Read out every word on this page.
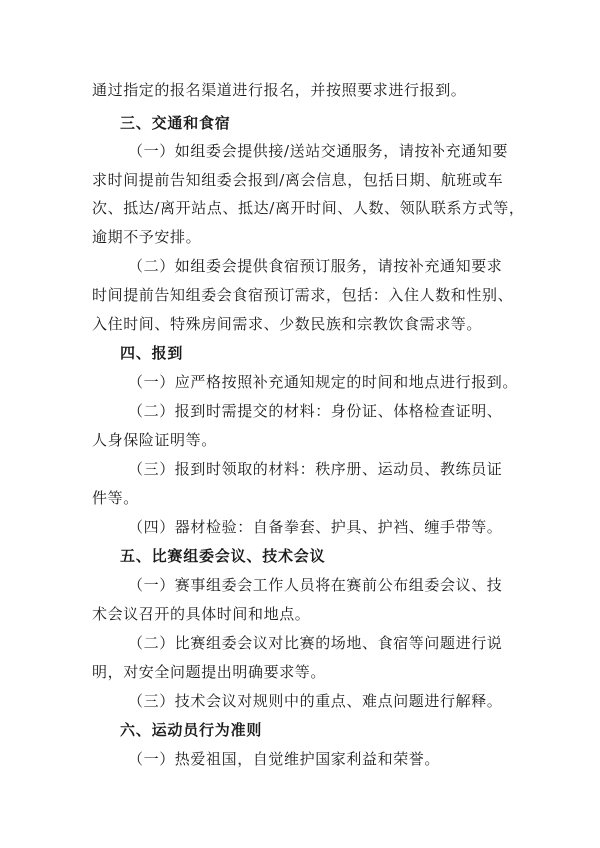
通过指定的报名渠道进行报名，并按照要求进行报到。
三、交通和食宿
（一）如组委会提供接/送站交通服务，请按补充通知要
求时间提前告知组委会报到/离会信息，包括日期、航班或车
次、抵达/离开站点、抵达/离开时间、人数、领队联系方式等，
逾期不予安排。
（二）如组委会提供食宿预订服务，请按补充通知要求
时间提前告知组委会食宿预订需求，包括：入住人数和性别、
入住时间、特殊房间需求、少数民族和宗教饮食需求等。
四、报到
（一）应严格按照补充通知规定的时间和地点进行报到。
（二）报到时需提交的材料：身份证、体格检查证明、
人身保险证明等。
（三）报到时领取的材料：秩序册、运动员、教练员证
件等。
（四）器材检验：自备拳套、护具、护裆、缠手带等。
五、比赛组委会议、技术会议
（一）赛事组委会工作人员将在赛前公布组委会议、技
术会议召开的具体时间和地点。
（二）比赛组委会议对比赛的场地、食宿等问题进行说
明，对安全问题提出明确要求等。
（三）技术会议对规则中的重点、难点问题进行解释。
六、运动员行为准则
（一）热爱祖国，自觉维护国家利益和荣誉。
